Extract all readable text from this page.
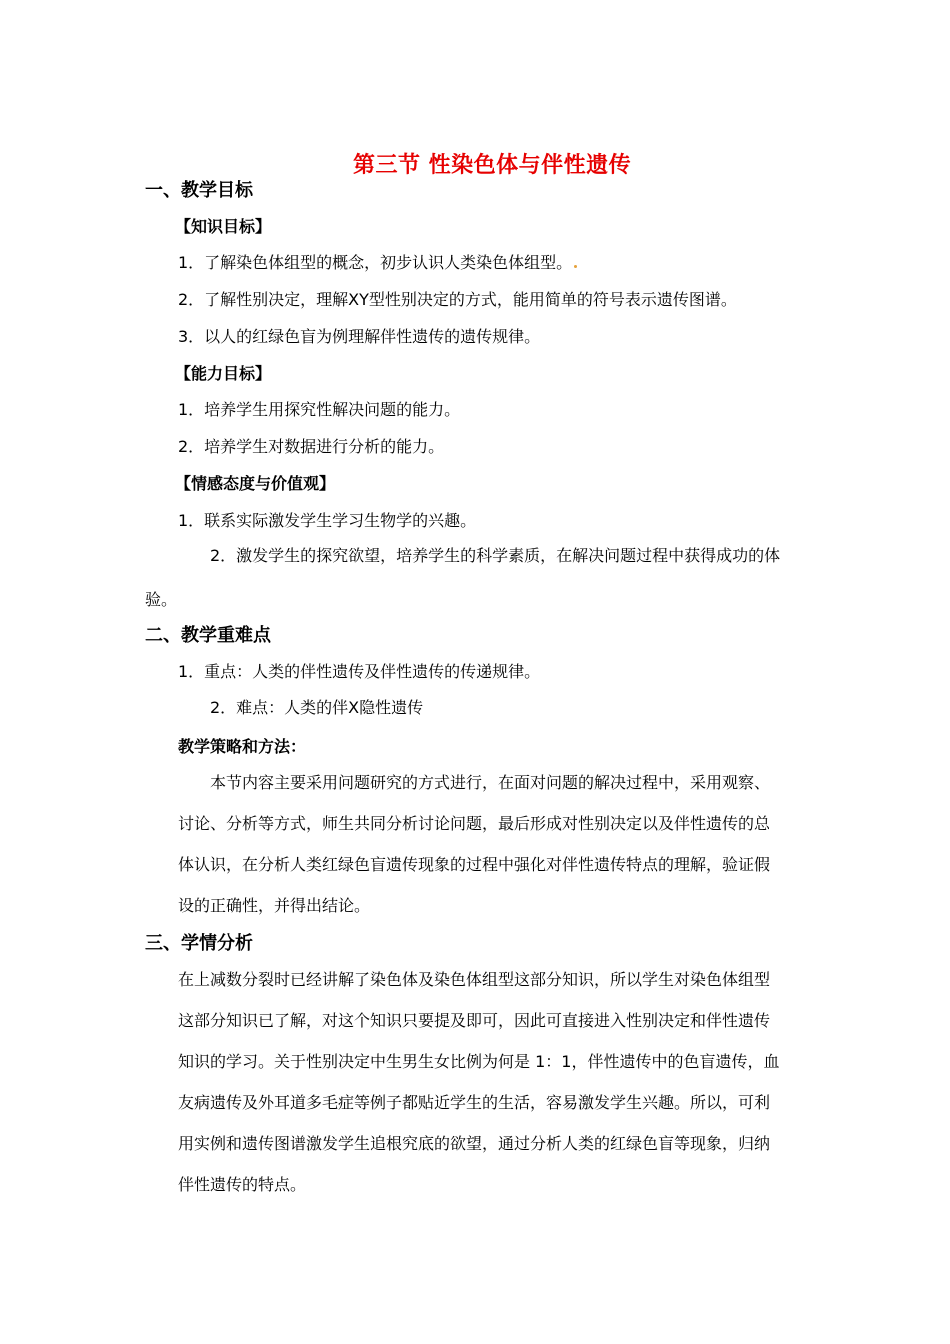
第三节 性染色体与伴性遗传
一、教学目标
【知识目标】
1．了解染色体组型的概念，初步认识人类染色体组型。
2．了解性别决定，理解XY型性别决定的方式，能用简单的符号表示遗传图谱。
3．以人的红绿色盲为例理解伴性遗传的遗传规律。
【能力目标】
1．培养学生用探究性解决问题的能力。
2．培养学生对数据进行分析的能力。
【情感态度与价值观】
1．联系实际激发学生学习生物学的兴趣。
2．激发学生的探究欲望，培养学生的科学素质，在解决问题过程中获得成功的体
验。
二、教学重难点
1．重点：人类的伴性遗传及伴性遗传的传递规律。
2．难点：人类的伴X隐性遗传
教学策略和方法：
本节内容主要采用问题研究的方式进行，在面对问题的解决过程中，采用观察、
讨论、分析等方式，师生共同分析讨论问题，最后形成对性别决定以及伴性遗传的总
体认识，在分析人类红绿色盲遗传现象的过程中强化对伴性遗传特点的理解，验证假
设的正确性，并得出结论。
三、学情分析
在上减数分裂时已经讲解了染色体及染色体组型这部分知识，所以学生对染色体组型
这部分知识已了解，对这个知识只要提及即可，因此可直接进入性别决定和伴性遗传
知识的学习。关于性别决定中生男生女比例为何是 1：1，伴性遗传中的色盲遗传，血
友病遗传及外耳道多毛症等例子都贴近学生的生活，容易激发学生兴趣。所以，可利
用实例和遗传图谱激发学生追根究底的欲望，通过分析人类的红绿色盲等现象，归纳
伴性遗传的特点。
